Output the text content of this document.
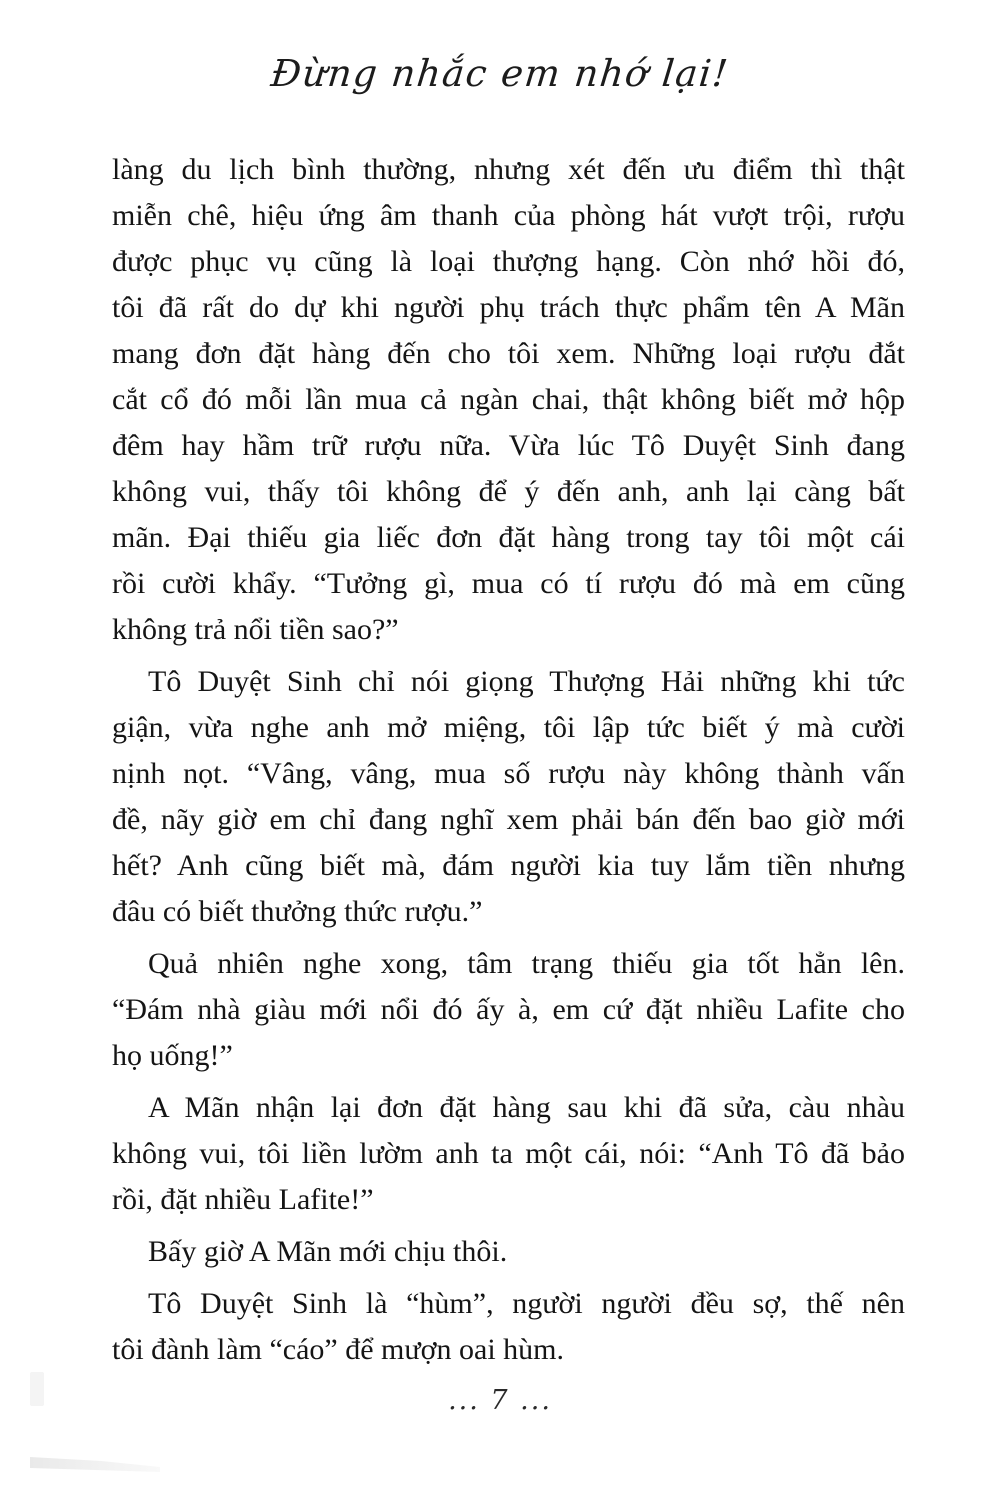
Đừng nhắc em nhớ lại!
làng du lịch bình thường, nhưng xét đến ưu điểm thì thật
miễn chê, hiệu ứng âm thanh của phòng hát vượt trội, rượu
được phục vụ cũng là loại thượng hạng. Còn nhớ hồi đó,
tôi đã rất do dự khi người phụ trách thực phẩm tên A Mãn
mang đơn đặt hàng đến cho tôi xem. Những loại rượu đắt
cắt cổ đó mỗi lần mua cả ngàn chai, thật không biết mở hộp
đêm hay hầm trữ rượu nữa. Vừa lúc Tô Duyệt Sinh đang
không vui, thấy tôi không để ý đến anh, anh lại càng bất
mãn. Đại thiếu gia liếc đơn đặt hàng trong tay tôi một cái
rồi cười khẩy. “Tưởng gì, mua có tí rượu đó mà em cũng
không trả nổi tiền sao?”
Tô Duyệt Sinh chỉ nói giọng Thượng Hải những khi tức
giận, vừa nghe anh mở miệng, tôi lập tức biết ý mà cười
nịnh nọt. “Vâng, vâng, mua số rượu này không thành vấn
đề, nãy giờ em chỉ đang nghĩ xem phải bán đến bao giờ mới
hết? Anh cũng biết mà, đám người kia tuy lắm tiền nhưng
đâu có biết thưởng thức rượu.”
Quả nhiên nghe xong, tâm trạng thiếu gia tốt hẳn lên.
“Đám nhà giàu mới nổi đó ấy à, em cứ đặt nhiều Lafite cho
họ uống!”
A Mãn nhận lại đơn đặt hàng sau khi đã sửa, càu nhàu
không vui, tôi liền lườm anh ta một cái, nói: “Anh Tô đã bảo
rồi, đặt nhiều Lafite!”
Bấy giờ A Mãn mới chịu thôi.
Tô Duyệt Sinh là “hùm”, người người đều sợ, thế nên
tôi đành làm “cáo” để mượn oai hùm.
... 7 ...
